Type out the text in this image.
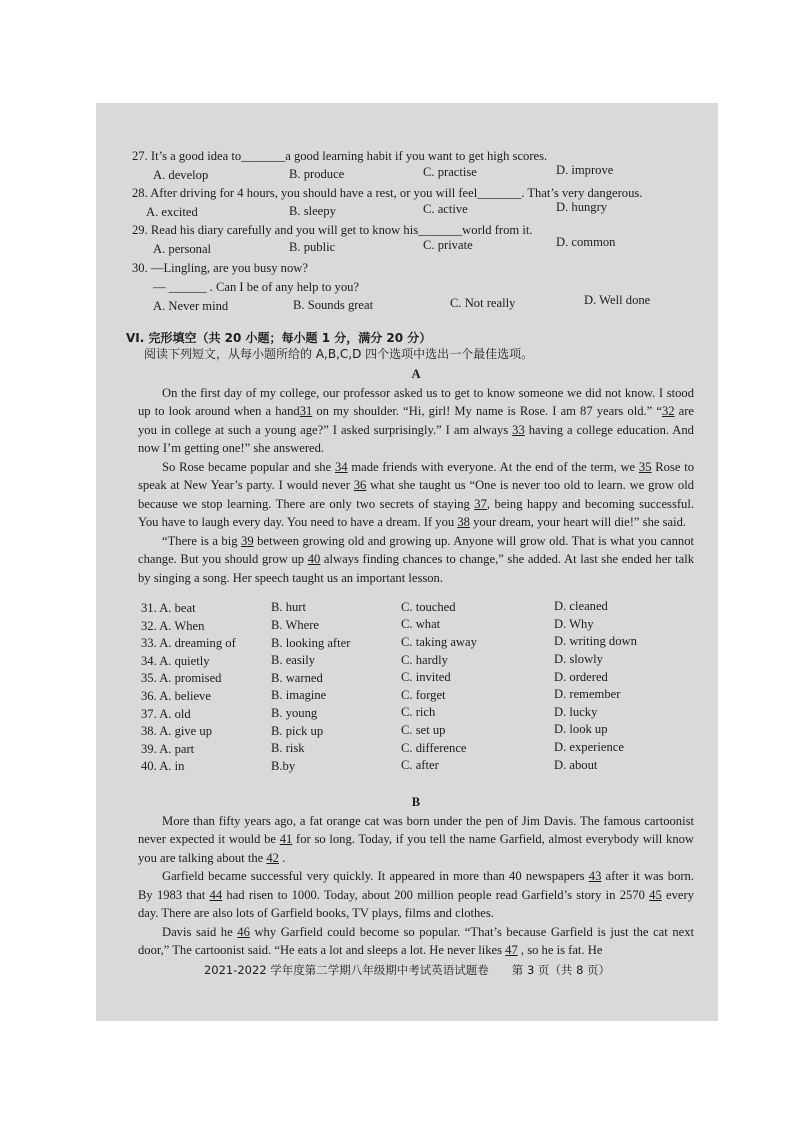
27. It’s a good idea to_______a good learning habit if you want to get high scores.
A. develop	B. produce	C. practise	D. improve
28. After driving for 4 hours, you should have a rest, or you will feel_______. That’s very dangerous.
A. excited	B. sleepy	C. active	D. hungry
29. Read his diary carefully and you will get to know his_______world from it.
A. personal	B. public	C. private	D. common
30. —Lingling, are you busy now?
— ______ . Can I be of any help to you?
A. Never mind	B. Sounds great	C. Not really	D. Well done
VI. 完形填空（共 20 小题；每小题 1 分，满分 20 分）
阅读下列短文，从每小题所给的 A,B,C,D 四个选项中选出一个最佳选项。

A

On the first day of my college, our professor asked us to get to know someone we did not know. I stood up to look around when a hand31 on my shoulder. “Hi, girl! My name is Rose. I am 87 years old.” “32 are you in college at such a young age?” I asked surprisingly.” I am always 33 having a college education. And now I’m getting one!” she answered.

So Rose became popular and she 34 made friends with everyone. At the end of the term, we 35 Rose to speak at New Year’s party. I would never 36 what she taught us “One is never too old to learn. we grow old because we stop learning. There are only two secrets of staying 37, being happy and becoming successful. You have to laugh every day. You need to have a dream. If you 38 your dream, your heart will die!” she said.

“There is a big 39 between growing old and growing up. Anyone will grow old. That is what you cannot change. But you should grow up 40 always finding chances to change,” she added. At last she ended her talk by singing a song. Her speech taught us an important lesson.

31. A. beat	B. hurt	C. touched	D. cleaned
32. A. When	B. Where	C. what	D. Why
33. A. dreaming of	B. looking after	C. taking away	D. writing down
34. A. quietly	B. easily	C. hardly	D. slowly
35. A. promised	B. warned	C. invited	D. ordered
36. A. believe	B. imagine	C. forget	D. remember
37. A. old	B. young	C. rich	D. lucky
38. A. give up	B. pick up	C. set up	D. look up
39. A. part	B. risk	C. difference	D. experience
40. A. in	B.by	C. after	D. about

B

More than fifty years ago, a fat orange cat was born under the pen of Jim Davis. The famous cartoonist never expected it would be 41 for so long. Today, if you tell the name Garfield, almost everybody will know you are talking about the 42 .

Garfield became successful very quickly. It appeared in more than 40 newspapers 43 after it was born. By 1983 that 44 had risen to 1000. Today, about 200 million people read Garfield’s story in 2570 45 every day. There are also lots of Garfield books, TV plays, films and clothes.

Davis said he 46 why Garfield could become so popular. “That’s because Garfield is just the cat next door,” The cartoonist said. “He eats a lot and sleeps a lot. He never likes 47 , so he is fat. He

2021-2022 学年度第二学期八年级期中考试英语试题卷　　第 3 页（共 8 页）
